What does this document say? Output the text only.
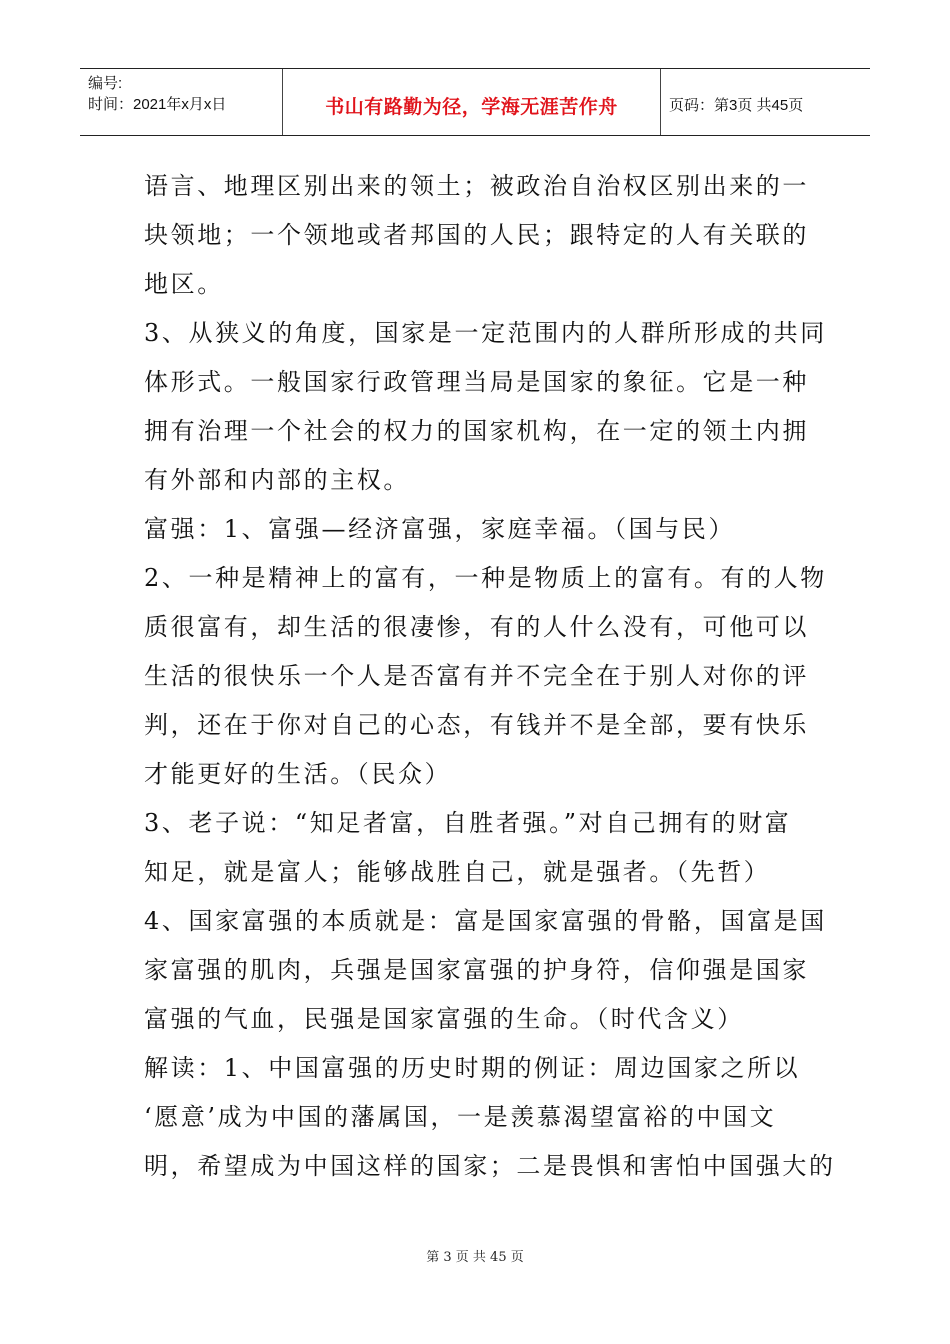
编号:
时间：2021年x月x日	书山有路勤为径，学海无涯苦作舟	页码：第3页 共45页
语言、地理区别出来的领土；被政治自治权区别出来的一
块领地；一个领地或者邦国的人民；跟特定的人有关联的
地区。
3、从狭义的角度，国家是一定范围内的人群所形成的共同
体形式。一般国家行政管理当局是国家的象征。它是一种
拥有治理一个社会的权力的国家机构，在一定的领土内拥
有外部和内部的主权。
富强：1、富强—经济富强，家庭幸福。（国与民）
2、一种是精神上的富有，一种是物质上的富有。有的人物
质很富有，却生活的很凄惨，有的人什么没有，可他可以
生活的很快乐一个人是否富有并不完全在于别人对你的评
判，还在于你对自己的心态，有钱并不是全部，要有快乐
才能更好的生活。（民众）
3、老子说：“知足者富，自胜者强。”对自己拥有的财富
知足，就是富人；能够战胜自己，就是强者。（先哲）
4、国家富强的本质就是：富是国家富强的骨骼，国富是国
家富强的肌肉，兵强是国家富强的护身符，信仰强是国家
富强的气血，民强是国家富强的生命。（时代含义）
解读：1、中国富强的历史时期的例证：周边国家之所以
‘愿意’成为中国的藩属国，一是羡慕渴望富裕的中国文
明，希望成为中国这样的国家；二是畏惧和害怕中国强大的
第 3 页 共 45 页
